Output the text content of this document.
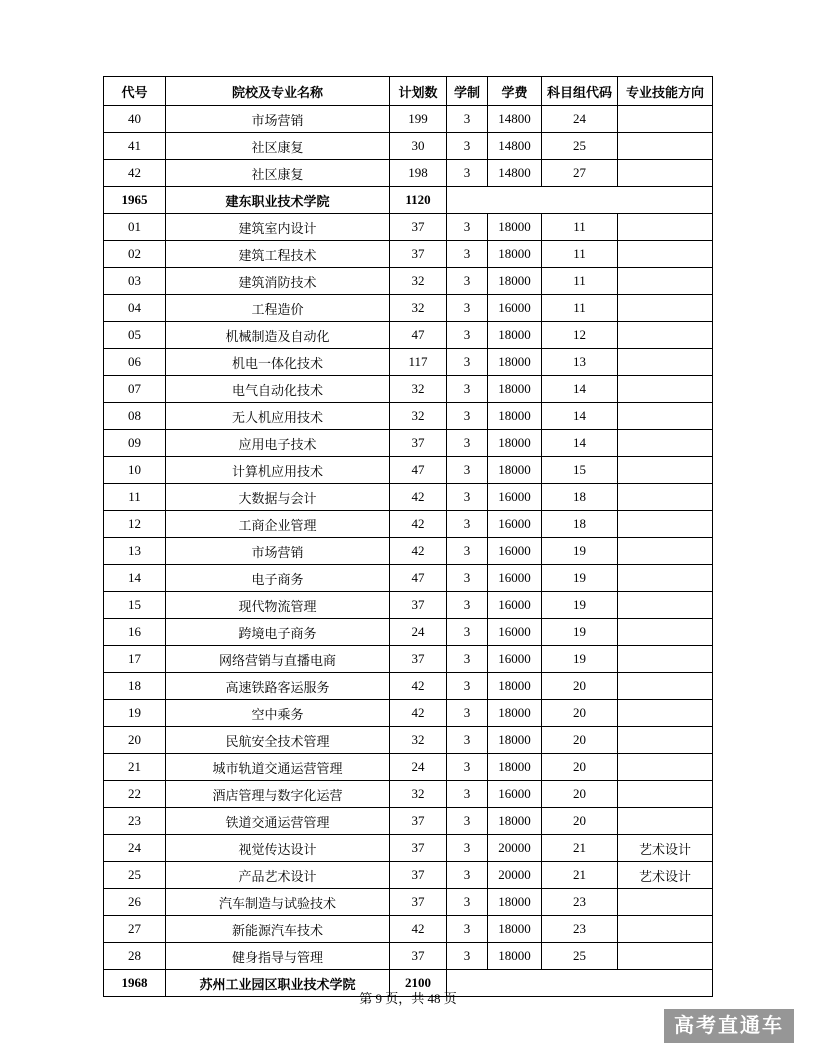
代号	院校及专业名称	计划数	学制	学费	科目组代码	专业技能方向
40	市场营销	199	3	14800	24	
41	社区康复	30	3	14800	25	
42	社区康复	198	3	14800	27	
1965	建东职业技术学院	1120				
01	建筑室内设计	37	3	18000	11	
02	建筑工程技术	37	3	18000	11	
03	建筑消防技术	32	3	18000	11	
04	工程造价	32	3	16000	11	
05	机械制造及自动化	47	3	18000	12	
06	机电一体化技术	117	3	18000	13	
07	电气自动化技术	32	3	18000	14	
08	无人机应用技术	32	3	18000	14	
09	应用电子技术	37	3	18000	14	
10	计算机应用技术	47	3	18000	15	
11	大数据与会计	42	3	16000	18	
12	工商企业管理	42	3	16000	18	
13	市场营销	42	3	16000	19	
14	电子商务	47	3	16000	19	
15	现代物流管理	37	3	16000	19	
16	跨境电子商务	24	3	16000	19	
17	网络营销与直播电商	37	3	16000	19	
18	高速铁路客运服务	42	3	18000	20	
19	空中乘务	42	3	18000	20	
20	民航安全技术管理	32	3	18000	20	
21	城市轨道交通运营管理	24	3	18000	20	
22	酒店管理与数字化运营	32	3	16000	20	
23	铁道交通运营管理	37	3	18000	20	
24	视觉传达设计	37	3	20000	21	艺术设计
25	产品艺术设计	37	3	20000	21	艺术设计
26	汽车制造与试验技术	37	3	18000	23	
27	新能源汽车技术	42	3	18000	23	
28	健身指导与管理	37	3	18000	25	
1968	苏州工业园区职业技术学院	2100				
第 9 页，共 48 页
高考直通车
